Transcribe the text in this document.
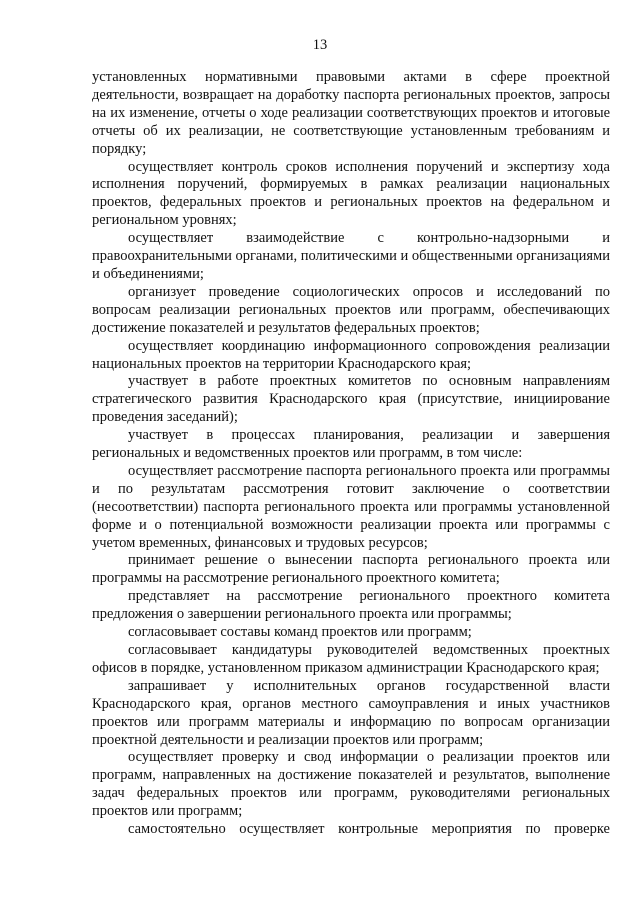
13

установленных нормативными правовыми актами в сфере проектной деятельности, возвращает на доработку паспорта региональных проектов, запросы на их изменение, отчеты о ходе реализации соответствующих проектов и итоговые отчеты об их реализации, не соответствующие установленным требованиям и порядку;

осуществляет контроль сроков исполнения поручений и экспертизу хода исполнения поручений, формируемых в рамках реализации национальных проектов, федеральных проектов и региональных проектов на федеральном и региональном уровнях;

осуществляет взаимодействие с контрольно-надзорными и правоохранительными органами, политическими и общественными организациями и объединениями;

организует проведение социологических опросов и исследований по вопросам реализации региональных проектов или программ, обеспечивающих достижение показателей и результатов федеральных проектов;

осуществляет координацию информационного сопровождения реализации национальных проектов на территории Краснодарского края;

участвует в работе проектных комитетов по основным направлениям стратегического развития Краснодарского края (присутствие, инициирование проведения заседаний);

участвует в процессах планирования, реализации и завершения региональных и ведомственных проектов или программ, в том числе:

осуществляет рассмотрение паспорта регионального проекта или программы и по результатам рассмотрения готовит заключение о соответствии (несоответствии) паспорта регионального проекта или программы установленной форме и о потенциальной возможности реализации проекта или программы с учетом временных, финансовых и трудовых ресурсов;

принимает решение о вынесении паспорта регионального проекта или программы на рассмотрение регионального проектного комитета;

представляет на рассмотрение регионального проектного комитета предложения о завершении регионального проекта или программы;

согласовывает составы команд проектов или программ;

согласовывает кандидатуры руководителей ведомственных проектных офисов в порядке, установленном приказом администрации Краснодарского края;

запрашивает у исполнительных органов государственной власти Краснодарского края, органов местного самоуправления и иных участников проектов или программ материалы и информацию по вопросам организации проектной деятельности и реализации проектов или программ;

осуществляет проверку и свод информации о реализации проектов или программ, направленных на достижение показателей и результатов, выполнение задач федеральных проектов или программ, руководителями региональных проектов или программ;

самостоятельно осуществляет контрольные мероприятия по проверке
